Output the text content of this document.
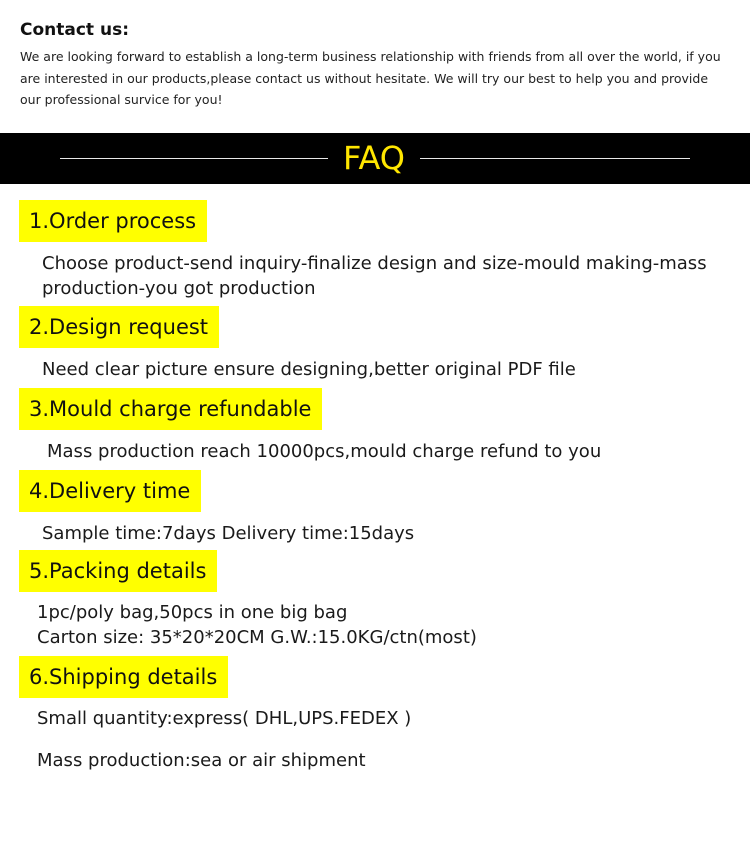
Contact us:

We are looking forward to establish a long-term business relationship with friends from all over the world, if you
are interested in our products,please contact us without hesitate. We will try our best to help you and provide
our professional survice for you!

FAQ
1.Order process
Choose product-send inquiry-finalize design and size-mould making-mass
production-you got production
2.Design request
Need clear picture ensure designing,better original PDF file
3.Mould charge refundable
Mass production reach 10000pcs,mould charge refund to you
4.Delivery time
Sample time:7days Delivery time:15days
5.Packing details
1pc/poly bag,50pcs in one big bag
Carton size: 35*20*20CM G.W.:15.0KG/ctn(most)
6.Shipping details
Small quantity:express( DHL,UPS.FEDEX )
Mass production:sea or air shipment
